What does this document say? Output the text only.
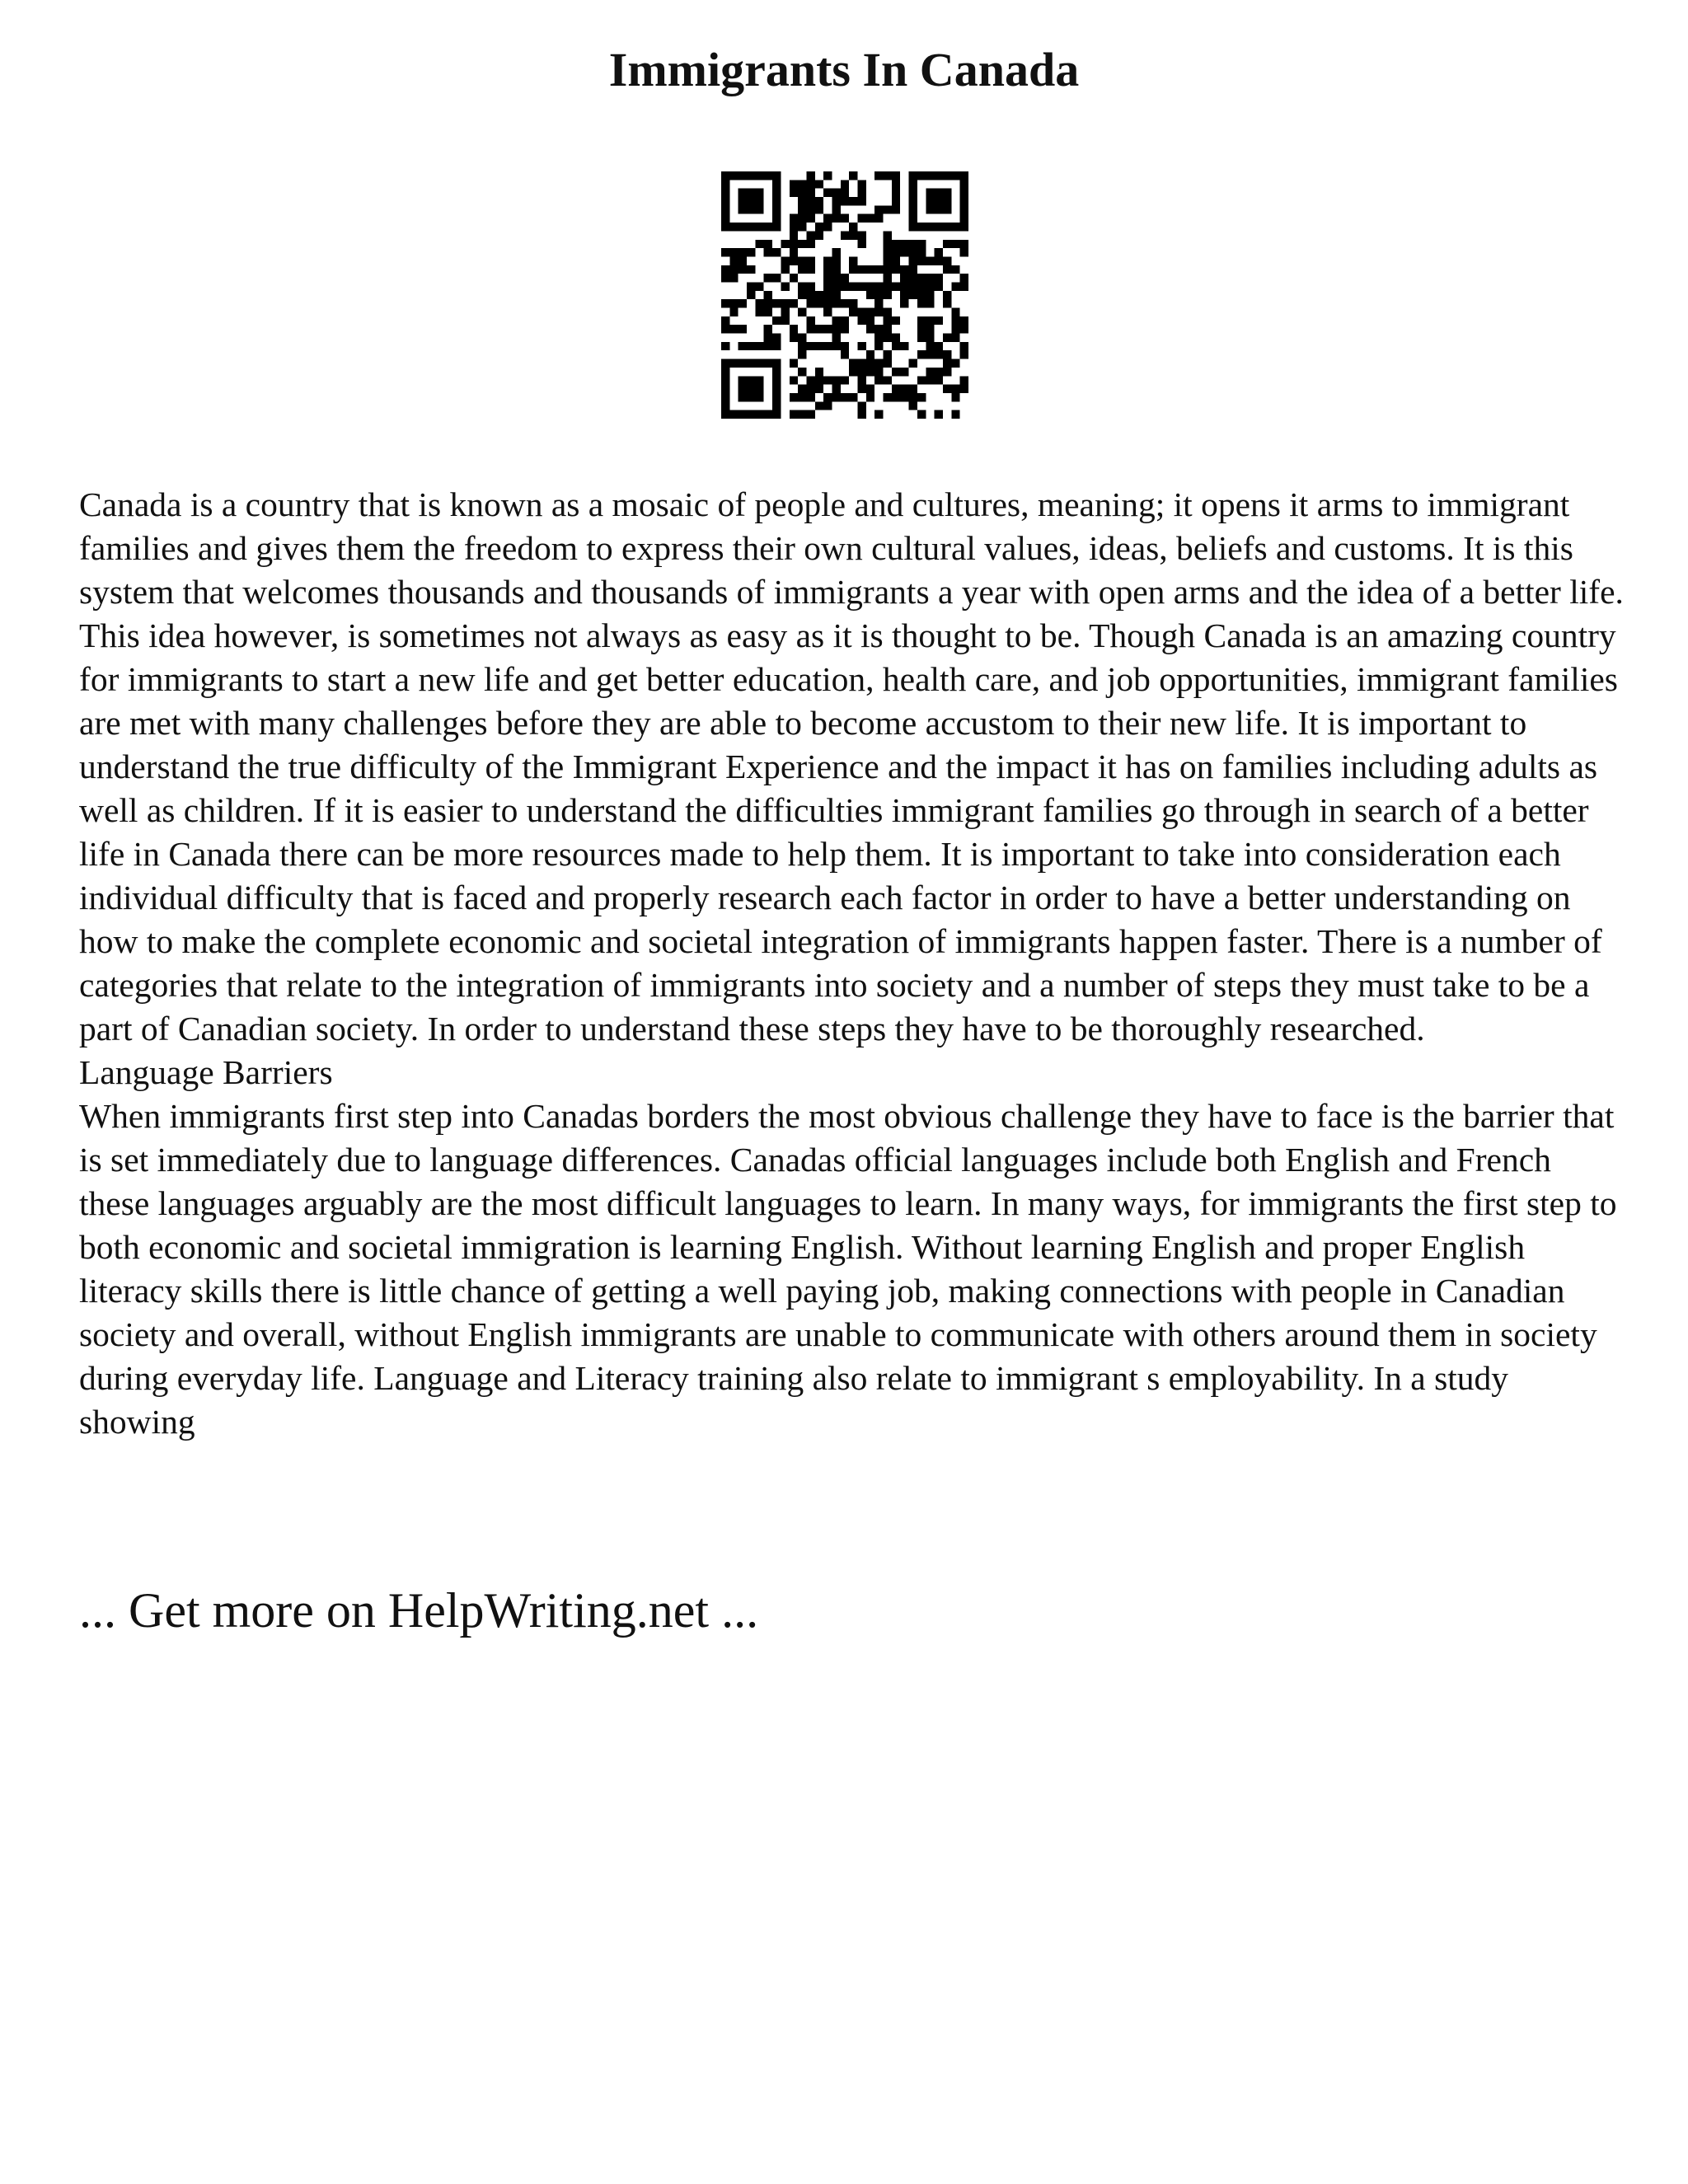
Immigrants In Canada

Canada is a country that is known as a mosaic of people and cultures, meaning; it opens it arms to immigrant families and gives them the freedom to express their own cultural values, ideas, beliefs and customs. It is this system that welcomes thousands and thousands of immigrants a year with open arms and the idea of a better life. This idea however, is sometimes not always as easy as it is thought to be. Though Canada is an amazing country for immigrants to start a new life and get better education, health care, and job opportunities, immigrant families are met with many challenges before they are able to become accustom to their new life. It is important to understand the true difficulty of the Immigrant Experience and the impact it has on families including adults as well as children. If it is easier to understand the difficulties immigrant families go through in search of a better life in Canada there can be more resources made to help them. It is important to take into consideration each individual difficulty that is faced and properly research each factor in order to have a better understanding on how to make the complete economic and societal integration of immigrants happen faster. There is a number of categories that relate to the integration of immigrants into society and a number of steps they must take to be a part of Canadian society. In order to understand these steps they have to be thoroughly researched.

Language Barriers

When immigrants first step into Canadas borders the most obvious challenge they have to face is the barrier that is set immediately due to language differences. Canadas official languages include both English and French these languages arguably are the most difficult languages to learn. In many ways, for immigrants the first step to both economic and societal immigration is learning English. Without learning English and proper English literacy skills there is little chance of getting a well paying job, making connections with people in Canadian society and overall, without English immigrants are unable to communicate with others around them in society during everyday life. Language and Literacy training also relate to immigrant s employability. In a study showing

... Get more on HelpWriting.net ...
